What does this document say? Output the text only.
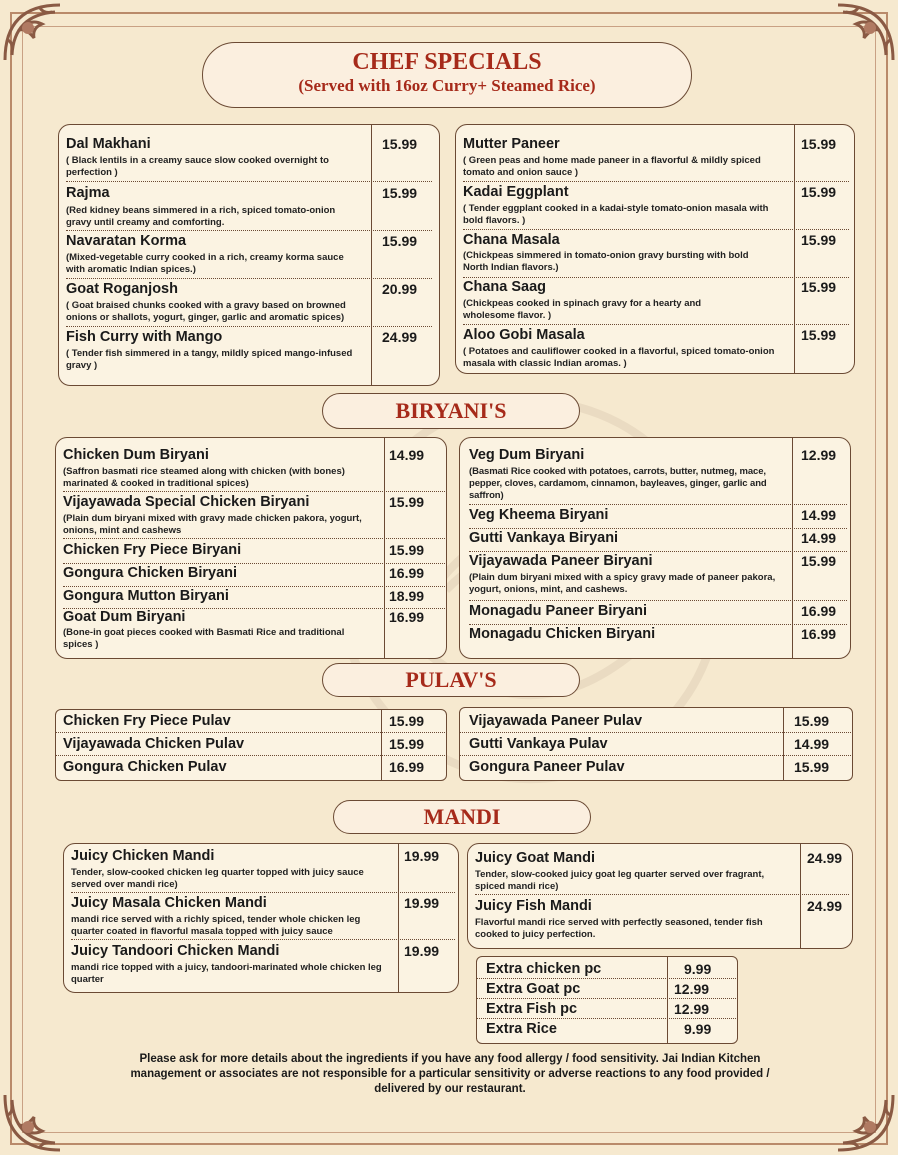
CHEF SPECIALS
(Served with 16oz Curry+ Steamed Rice)
BIRYANI'S
PULAV'S
MANDI
Dal Makhani	15.99
( Black lentils in a creamy sauce slow cooked overnight to perfection )
Rajma	15.99
(Red kidney beans simmered in a rich, spiced tomato-onion gravy until creamy and comforting.
Navaratan Korma	15.99
(Mixed-vegetable curry cooked in a rich, creamy korma sauce with aromatic Indian spices.)
Goat Roganjosh	20.99
( Goat braised chunks cooked with a gravy based on browned onions or shallots, yogurt, ginger, garlic and aromatic spices)
Fish Curry with Mango	24.99
( Tender fish simmered in a tangy, mildly spiced mango-infused gravy )
Mutter Paneer	15.99
( Green peas and home made paneer in a flavorful & mildly spiced tomato and onion sauce )
Kadai Eggplant	15.99
( Tender eggplant cooked in a kadai-style tomato-onion masala with bold flavors. )
Chana Masala	15.99
(Chickpeas simmered in tomato-onion gravy bursting with bold North Indian flavors.)
Chana Saag	15.99
(Chickpeas cooked in spinach gravy for a hearty and wholesome flavor. )
Aloo Gobi Masala	15.99
( Potatoes and cauliflower cooked in a flavorful, spiced tomato-onion masala with classic Indian aromas. )
Chicken Dum Biryani	14.99
(Saffron basmati rice steamed along with chicken (with bones) marinated & cooked in traditional spices)
Vijayawada Special Chicken Biryani	15.99
(Plain dum biryani mixed with gravy made chicken pakora, yogurt, onions, mint and cashews
Chicken Fry Piece Biryani	15.99
Gongura Chicken Biryani	16.99
Gongura Mutton Biryani	18.99
Goat Dum Biryani	16.99
(Bone-in goat pieces cooked with Basmati Rice and traditional spices )
Veg Dum Biryani	12.99
(Basmati Rice cooked with potatoes, carrots, butter, nutmeg, mace, pepper, cloves, cardamom, cinnamon, bayleaves, ginger, garlic and saffron)
Veg Kheema Biryani	14.99
Gutti Vankaya Biryani	14.99
Vijayawada Paneer Biryani	15.99
(Plain dum biryani mixed with a spicy gravy made of paneer pakora, yogurt, onions, mint, and cashews.
Monagadu Paneer Biryani	16.99
Monagadu Chicken Biryani	16.99
Chicken Fry Piece Pulav	15.99
Vijayawada Chicken Pulav	15.99
Gongura Chicken Pulav	16.99
Vijayawada Paneer Pulav	15.99
Gutti Vankaya Pulav	14.99
Gongura Paneer Pulav	15.99
Juicy Chicken Mandi	19.99
Tender, slow-cooked chicken leg quarter topped with juicy sauce served over mandi rice)
Juicy Masala Chicken Mandi	19.99
mandi rice served with a richly spiced, tender whole chicken leg quarter coated in flavorful masala topped with juicy sauce
Juicy Tandoori Chicken Mandi	19.99
mandi rice topped with a juicy, tandoori-marinated whole chicken leg quarter
Juicy Goat Mandi	24.99
Tender, slow-cooked juicy goat leg quarter served over fragrant, spiced mandi rice)
Juicy Fish Mandi	24.99
Flavorful mandi rice served with perfectly seasoned, tender fish cooked to juicy perfection.
Extra chicken pc	9.99
Extra Goat pc	12.99
Extra Fish pc	12.99
Extra Rice	9.99
Please ask for more details about the ingredients if you have any food allergy / food sensitivity. Jai Indian Kitchen management or associates are not responsible for a particular sensitivity or adverse reactions to any food provided / delivered by our restaurant.
